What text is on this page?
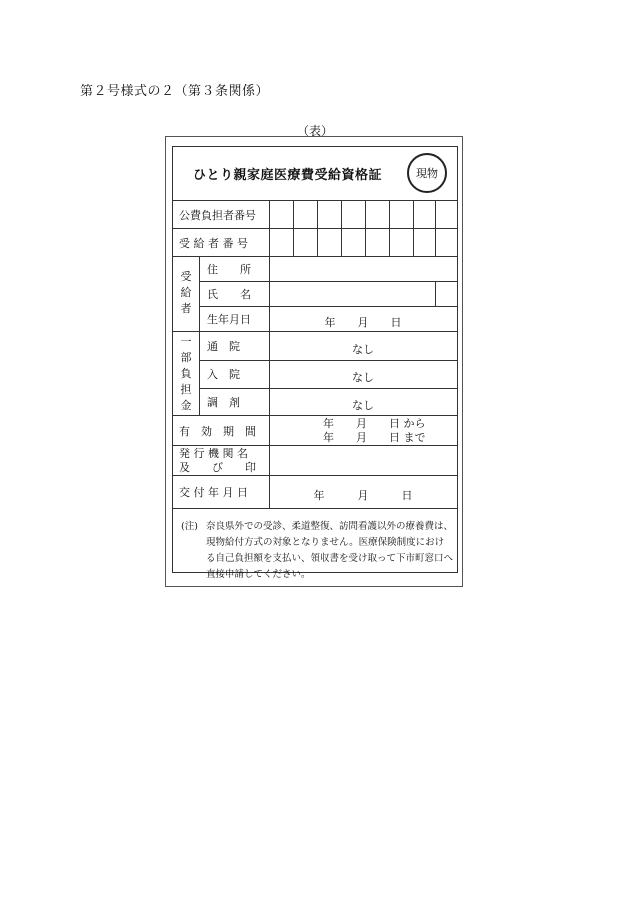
第２号様式の２（第３条関係）
（表）
ひとり親家庭医療費受給資格証	現物
公費負担者番号
受 給 者 番 号
受給者
住　　所
氏　　名
生年月日	年　　月　　日
一部負担金
通　院	なし
入　院	なし
調　剤	なし
有　効　期　間
年　　月　　日 から
年　　月　　日 まで
発 行 機 関 名
及　　び　　印
交 付 年 月 日	年　　　月　　　日
(注) 奈良県外での受診、柔道整復、訪問看護以外の療養費は、現物給付方式の対象となりません。医療保険制度における自己負担額を支払い、領収書を受け取って下市町窓口へ直接申請してください。
